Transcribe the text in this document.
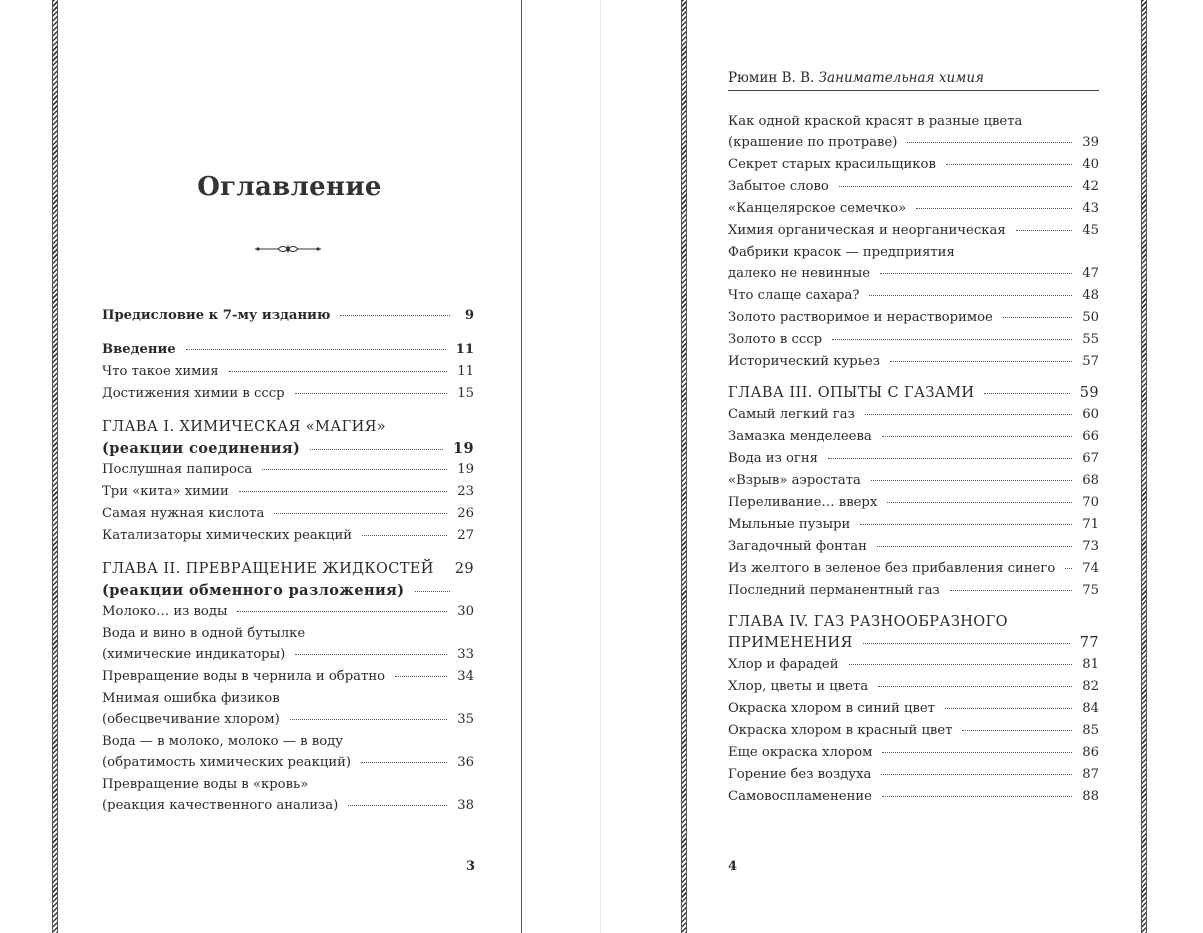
Оглавление
Предисловие к 7-му изданию	9
Введение	11
Что такое химия	11
Достижения химии в ссср	15
ГЛАВА I. ХИМИЧЕСКАЯ «МАГИЯ»
(реакции соединения)	19
Послушная папироса	19
Три «кита» химии	23
Самая нужная кислота	26
Катализаторы химических реакций	27
ГЛАВА II. ПРЕВРАЩЕНИЕ ЖИДКОСТЕЙ 29
(реакции обменного разложения)
Молоко… из воды	30
Вода и вино в одной бутылке
(химические индикаторы)	33
Превращение воды в чернила и обратно	34
Мнимая ошибка физиков
(обесцвечивание хлором)	35
Вода — в молоко, молоко — в воду
(обратимость химических реакций)	36
Превращение воды в «кровь»
(реакция качественного анализа)	38
3
Рюмин В. В. Занимательная химия
Как одной краской красят в разные цвета
(крашение по протраве)	39
Секрет старых красильщиков	40
Забытое слово	42
«Канцелярское семечко»	43
Химия органическая и неорганическая	45
Фабрики красок — предприятия
далеко не невинные	47
Что слаще сахара?	48
Золото растворимое и нерастворимое	50
Золото в ссср	55
Исторический курьез	57
ГЛАВА III. ОПЫТЫ С ГАЗАМИ	59
Самый легкий газ	60
Замазка менделеева	66
Вода из огня	67
«Взрыв» аэростата	68
Переливание… вверх	70
Мыльные пузыри	71
Загадочный фонтан	73
Из желтого в зеленое без прибавления синего 74
Последний перманентный газ	75
ГЛАВА IV. ГАЗ РАЗНООБРАЗНОГО
ПРИМЕНЕНИЯ	77
Хлор и фарадей	81
Хлор, цветы и цвета	82
Окраска хлором в синий цвет	84
Окраска хлором в красный цвет	85
Еще окраска хлором	86
Горение без воздуха	87
Самовоспламенение	88
4
